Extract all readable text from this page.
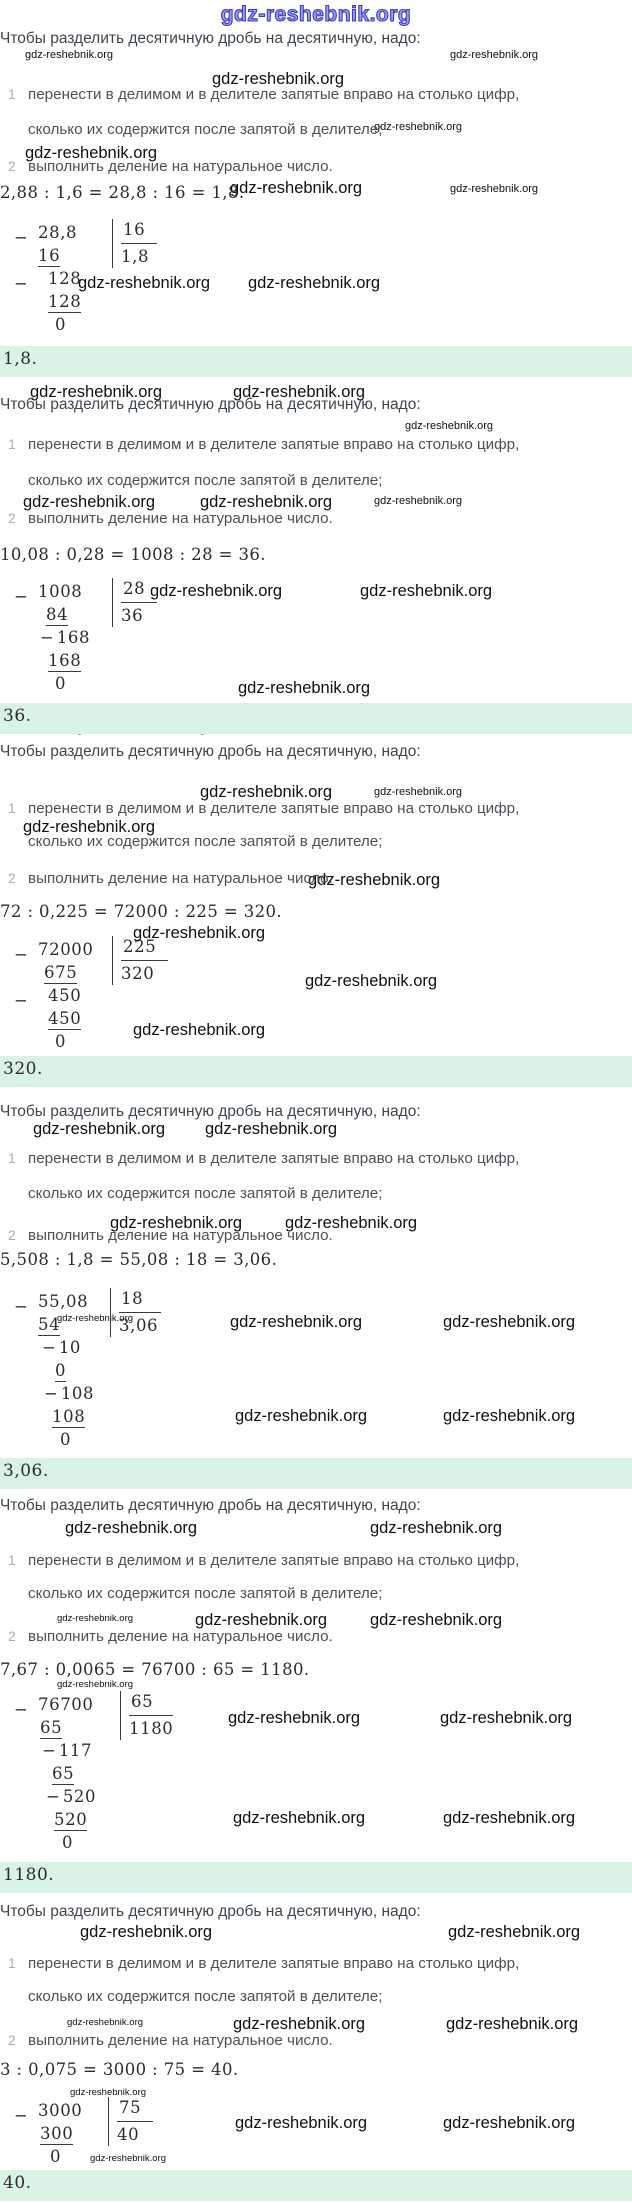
gdz-reshebnik.org
gdz-reshebnik.org	gdz-reshebnik.org
gdz-reshebnik.org
gdz-reshebnik.org
gdz-reshebnik.org
gdz-reshebnik.org	gdz-reshebnik.org
gdz-reshebnik.org gdz-reshebnik.org
Чтобы разделить десятичную дробь на десятичную, надо:
1 перенести в делимом и в делителе запятые вправо на столько цифр,
сколько их содержится после запятой в делителе;
2 выполнить деление на натуральное число.
2,88 : 1,6 = 28,8 : 16 = 1,8.
− 28,8
16
− 128
128
0
16
1,8
1,8.
gdz-reshebnik.org	gdz-reshebnik.org
gdz-reshebnik.org
gdz-reshebnik.org	gdz-reshebnik.org	gdz-reshebnik.org
gdz-reshebnik.org	gdz-reshebnik.org
gdz-reshebnik.org
Чтобы разделить десятичную дробь на десятичную, надо:
1 перенести в делимом и в делителе запятые вправо на столько цифр,
сколько их содержится после запятой в делителе;
2 выполнить деление на натуральное число.
10,08 : 0,28 = 1008 : 28 = 36.
− 1008
84
− 168
168
0
28
36
36.
gdz-reshebnik.org	gdz-reshebnik.org
gdz-reshebnik.org
gdz-reshebnik.org
gdz-reshebnik.org
gdz-reshebnik.org
gdz-reshebnik.org
Чтобы разделить десятичную дробь на десятичную, надо:
1 перенести в делимом и в делителе запятые вправо на столько цифр,
сколько их содержится после запятой в делителе;
2 выполнить деление на натуральное число.
72 : 0,225 = 72000 : 225 = 320.
− 72000
675
− 450
450
0
225
320
320.
gdz-reshebnik.org gdz-reshebnik.org
gdz-reshebnik.org	gdz-reshebnik.org
gdz-reshebnik.org	gdz-reshebnik.org	gdz-reshebnik.org
gdz-reshebnik.org	gdz-reshebnik.org
Чтобы разделить десятичную дробь на десятичную, надо:
1 перенести в делимом и в делителе запятые вправо на столько цифр,
сколько их содержится после запятой в делителе;
2 выполнить деление на натуральное число.
5,508 : 1,8 = 55,08 : 18 = 3,06.
− 55,08
54
− 10
0
− 108
108
0
18
3,06
3,06.
gdz-reshebnik.org	gdz-reshebnik.org
gdz-reshebnik.org	gdz-reshebnik.org	gdz-reshebnik.org
gdz-reshebnik.org
gdz-reshebnik.org	gdz-reshebnik.org
gdz-reshebnik.org	gdz-reshebnik.org
Чтобы разделить десятичную дробь на десятичную, надо:
1 перенести в делимом и в делителе запятые вправо на столько цифр,
сколько их содержится после запятой в делителе;
2 выполнить деление на натуральное число.
7,67 : 0,0065 = 76700 : 65 = 1180.
− 76700
65
− 117
65
− 520
520
0
65
1180
1180.
gdz-reshebnik.org	gdz-reshebnik.org
gdz-reshebnik.org	gdz-reshebnik.org	gdz-reshebnik.org
gdz-reshebnik.org
gdz-reshebnik.org	gdz-reshebnik.org
gdz-reshebnik.org
Чтобы разделить десятичную дробь на десятичную, надо:
1 перенести в делимом и в делителе запятые вправо на столько цифр,
сколько их содержится после запятой в делителе;
2 выполнить деление на натуральное число.
3 : 0,075 = 3000 : 75 = 40.
− 3000
300
0
75
40
40.
